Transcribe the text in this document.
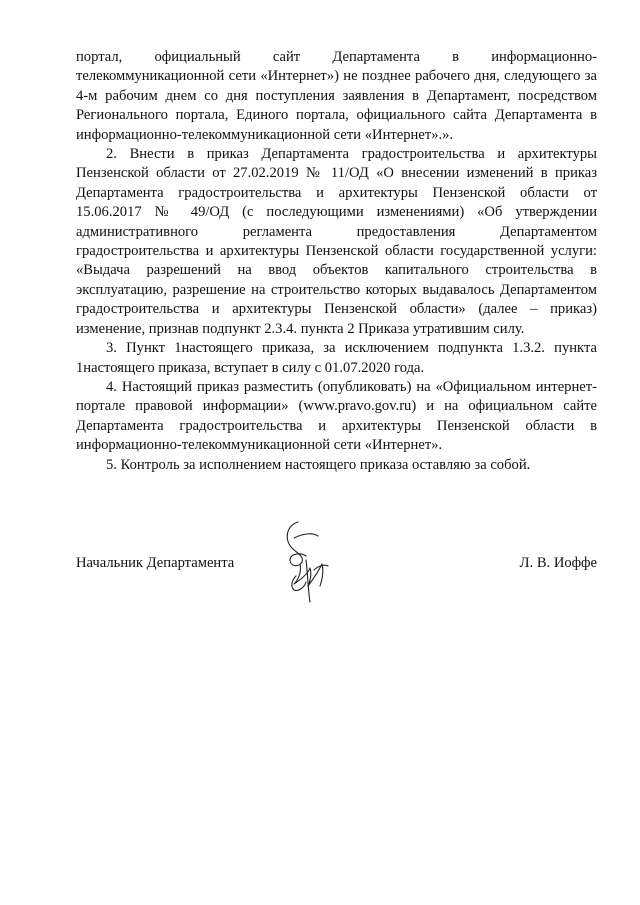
портал, официальный сайт Департамента в информационно-телекоммуникационной сети «Интернет») не позднее рабочего дня, следующего за 4-м рабочим днем со дня поступления заявления в Департамент, посредством Регионального портала, Единого портала, официального сайта Департамента в информационно-телекоммуникационной сети «Интернет».».

2. Внести в приказ Департамента градостроительства и архитектуры Пензенской области от 27.02.2019 № 11/ОД «О внесении изменений в приказ Департамента градостроительства и архитектуры Пензенской области от 15.06.2017 № 49/ОД (с последующими изменениями) «Об утверждении административного регламента предоставления Департаментом градостроительства и архитектуры Пензенской области государственной услуги: «Выдача разрешений на ввод объектов капитального строительства в эксплуатацию, разрешение на строительство которых выдавалось Департаментом градостроительства и архитектуры Пензенской области» (далее – приказ) изменение, признав подпункт 2.3.4. пункта 2 Приказа утратившим силу.

3. Пункт 1настоящего приказа, за исключением подпункта 1.3.2. пункта 1настоящего приказа, вступает в силу с 01.07.2020 года.

4. Настоящий приказ разместить (опубликовать) на «Официальном интернет-портале правовой информации» (www.pravo.gov.ru) и на официальном сайте Департамента градостроительства и архитектуры Пензенской области в информационно-телекоммуникационной сети «Интернет».

5. Контроль за исполнением настоящего приказа оставляю за собой.

Начальник Департамента	Л. В. Иоффе
